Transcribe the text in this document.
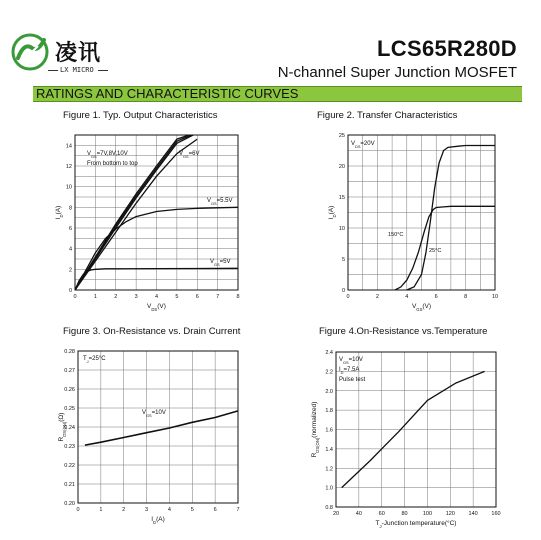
凌讯
LX MICRO
LCS65R280D
N-channel Super Junction MOSFET
RATINGS AND CHARACTERISTIC CURVES
Figure 1. Typ. Output Characteristics	Figure 2. Transfer Characteristics
Figure 3. On-Resistance vs. Drain Current	Figure 4.On-Resistance vs.Temperature
0	1	2	3	4	5	6	7	8
0
2
4
6
8
10
12
14
$V_{DS}(V)$
$I_D(A)$
0	2	4	6	8	10
0
5
10
15
20
25
$V_{GS}(V)$
$I_D(A)$
0	1	2	3	4	5	6	7
0.20
0.21
0.22
0.23
0.24
0.25
0.26
0.27
0.28
$I_D(A)$
$R_{DS(ON)}(\Omega)$
20	40	60	80	100 120 140 160
0.8
1.0
1.2
1.4
1.6
1.8
2.0
2.2
2.4
$T_J$-Junction temperature(°C)
$R_{DS(ON)}(normalized)$
$V_{GS}=7V,8V,10V$
From bottom to top
$V_{GS}=6V$
$V_{GS}=5.5V$
$V_{GS}=5V$
$V_{DS}=20V$
150°C
25°C
$T_J=25^\circ C$
$V_{GS}=10V$
$V_{GS}=10V$
$I_D=7.5A$
Pulse test
